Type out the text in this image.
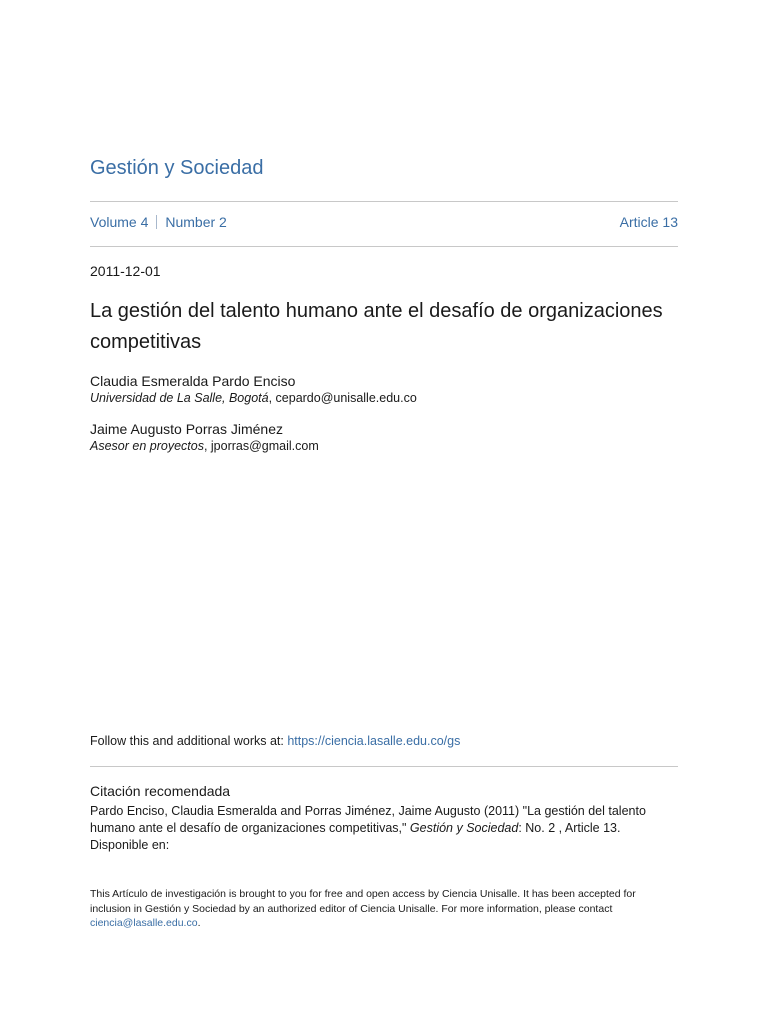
Gestión y Sociedad
Volume 4 Number 2	Article 13
2011-12-01
La gestión del talento humano ante el desafío de organizaciones competitivas
Claudia Esmeralda Pardo Enciso
Universidad de La Salle, Bogotá, cepardo@unisalle.edu.co
Jaime Augusto Porras Jiménez
Asesor en proyectos, jporras@gmail.com
Follow this and additional works at: https://ciencia.lasalle.edu.co/gs
Citación recomendada
Pardo Enciso, Claudia Esmeralda and Porras Jiménez, Jaime Augusto (2011) "La gestión del talento humano ante el desafío de organizaciones competitivas," Gestión y Sociedad: No. 2 , Article 13.
Disponible en:
This Artículo de investigación is brought to you for free and open access by Ciencia Unisalle. It has been accepted for inclusion in Gestión y Sociedad by an authorized editor of Ciencia Unisalle. For more information, please contact ciencia@lasalle.edu.co.
